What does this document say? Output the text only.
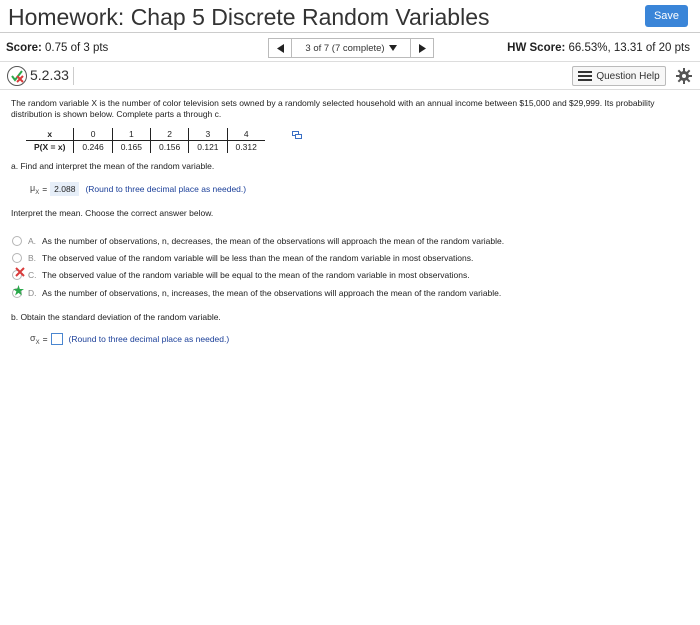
Homework: Chap 5 Discrete Random Variables	Save
Score: 0.75 of 3 pts	3 of 7 (7 complete)	HW Score: 66.53%, 13.31 of 20 pts
5.2.33	Question Help
The random variable X is the number of color television sets owned by a randomly selected household with an annual income between $15,000 and $29,999. Its probability distribution is shown below. Complete parts a through c.
x	0	1	2	3	4
P(X = x)	0.246	0.165	0.156	0.121	0.312
a. Find and interpret the mean of the random variable.
$\mu_X = 2.088$	(Round to three decimal place as needed.)
Interpret the mean. Choose the correct answer below.
A. As the number of observations, n, decreases, the mean of the observations will approach the mean of the random variable.
B. The observed value of the random variable will be less than the mean of the random variable in most observations.
C. The observed value of the random variable will be equal to the mean of the random variable in most observations.
D. As the number of observations, n, increases, the mean of the observations will approach the mean of the random variable.
b. Obtain the standard deviation of the random variable.
$\sigma_X$ = (Round to three decimal place as needed.)
